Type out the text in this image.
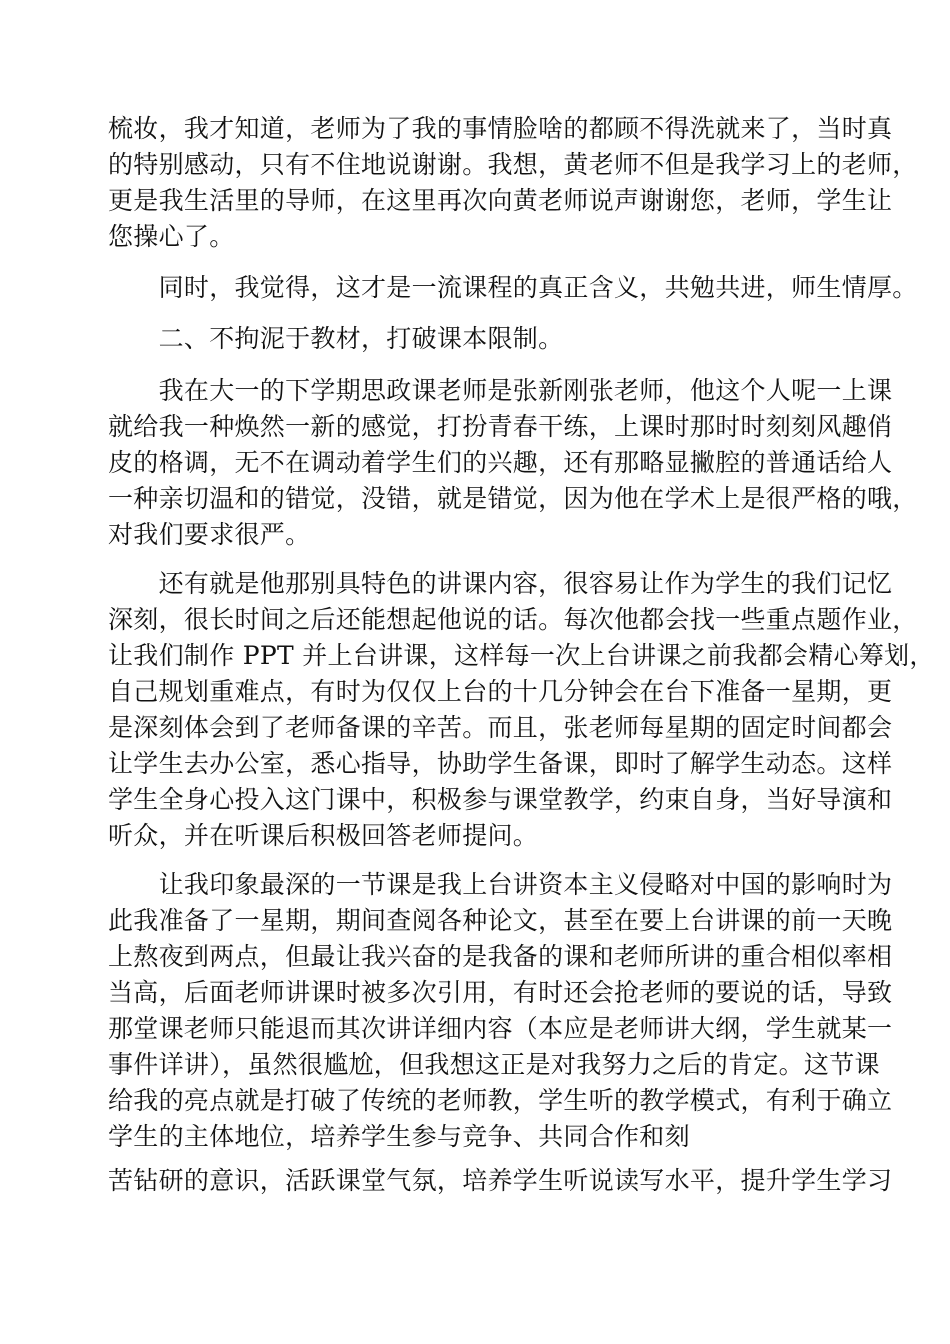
梳妆，我才知道，老师为了我的事情脸啥的都顾不得洗就来了，当时真
的特别感动，只有不住地说谢谢。我想，黄老师不但是我学习上的老师，
更是我生活里的导师，在这里再次向黄老师说声谢谢您，老师，学生让
您操心了。

　　同时，我觉得，这才是一流课程的真正含义，共勉共进，师生情厚。

　　二、不拘泥于教材，打破课本限制。

　　我在大一的下学期思政课老师是张新刚张老师，他这个人呢一上课
就给我一种焕然一新的感觉，打扮青春干练，上课时那时时刻刻风趣俏
皮的格调，无不在调动着学生们的兴趣，还有那略显撇腔的普通话给人
一种亲切温和的错觉，没错，就是错觉，因为他在学术上是很严格的哦，
对我们要求很严。

　　还有就是他那别具特色的讲课内容，很容易让作为学生的我们记忆
深刻，很长时间之后还能想起他说的话。每次他都会找一些重点题作业，
让我们制作 PPT 并上台讲课，这样每一次上台讲课之前我都会精心筹划，
自己规划重难点，有时为仅仅上台的十几分钟会在台下准备一星期，更
是深刻体会到了老师备课的辛苦。而且，张老师每星期的固定时间都会
让学生去办公室，悉心指导，协助学生备课，即时了解学生动态。这样
学生全身心投入这门课中，积极参与课堂教学，约束自身，当好导演和
听众，并在听课后积极回答老师提问。

　　让我印象最深的一节课是我上台讲资本主义侵略对中国的影响时为
此我准备了一星期，期间查阅各种论文，甚至在要上台讲课的前一天晚
上熬夜到两点，但最让我兴奋的是我备的课和老师所讲的重合相似率相
当高，后面老师讲课时被多次引用，有时还会抢老师的要说的话，导致
那堂课老师只能退而其次讲详细内容（本应是老师讲大纲，学生就某一
事件详讲），虽然很尴尬，但我想这正是对我努力之后的肯定。这节课
给我的亮点就是打破了传统的老师教，学生听的教学模式，有利于确立
学生的主体地位，培养学生参与竞争、共同合作和刻

苦钻研的意识，活跃课堂气氛，培养学生听说读写水平，提升学生学习
